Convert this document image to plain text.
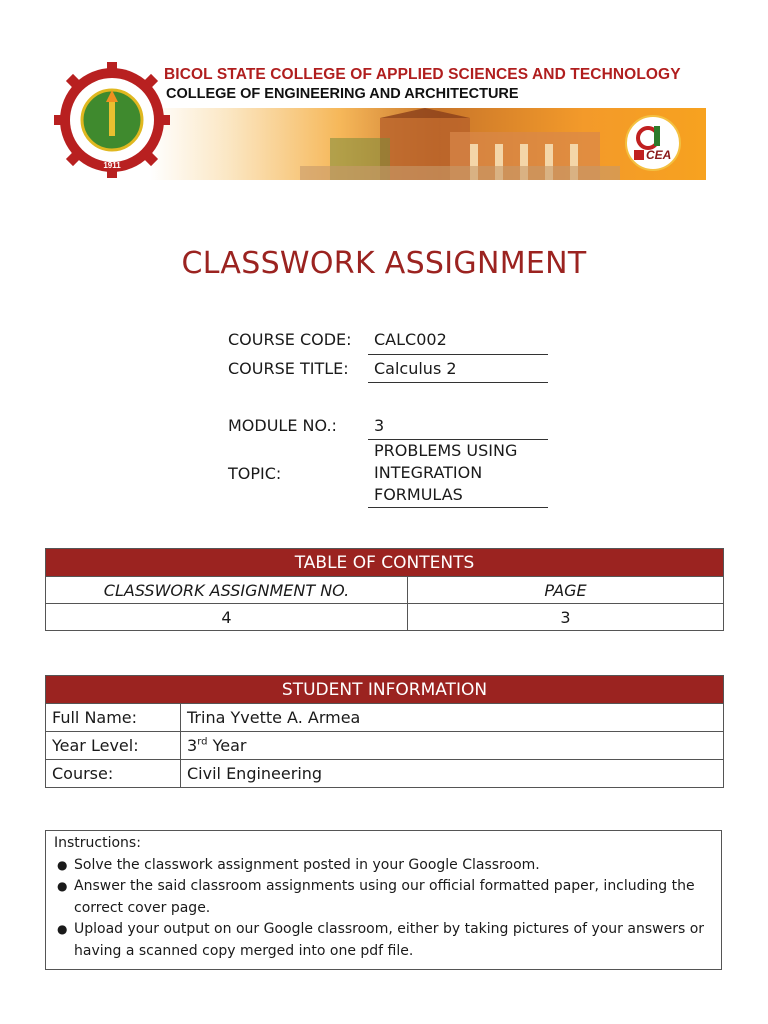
1911
BICOL STATE COLLEGE OF APPLIED SCIENCES AND TECHNOLOGY
COLLEGE OF ENGINEERING AND ARCHITECTURE
CEA
CLASSWORK ASSIGNMENT
COURSE CODE: CALC002
COURSE TITLE: Calculus 2
MODULE NO.: 3
TOPIC:
PROBLEMS USING INTEGRATION FORMULAS
TABLE OF CONTENTS	
CLASSWORK ASSIGNMENT NO.	PAGE
4	3
STUDENT INFORMATION	
Full Name:	Trina Yvette A. Armea
Year Level:	3rd Year
Course:	Civil Engineering
Instructions:
● Solve the classwork assignment posted in your Google Classroom.
● Answer the said classroom assignments using our official formatted paper, including the correct cover page.
● Upload your output on our Google classroom, either by taking pictures of your answers or having a scanned copy merged into one pdf file.
